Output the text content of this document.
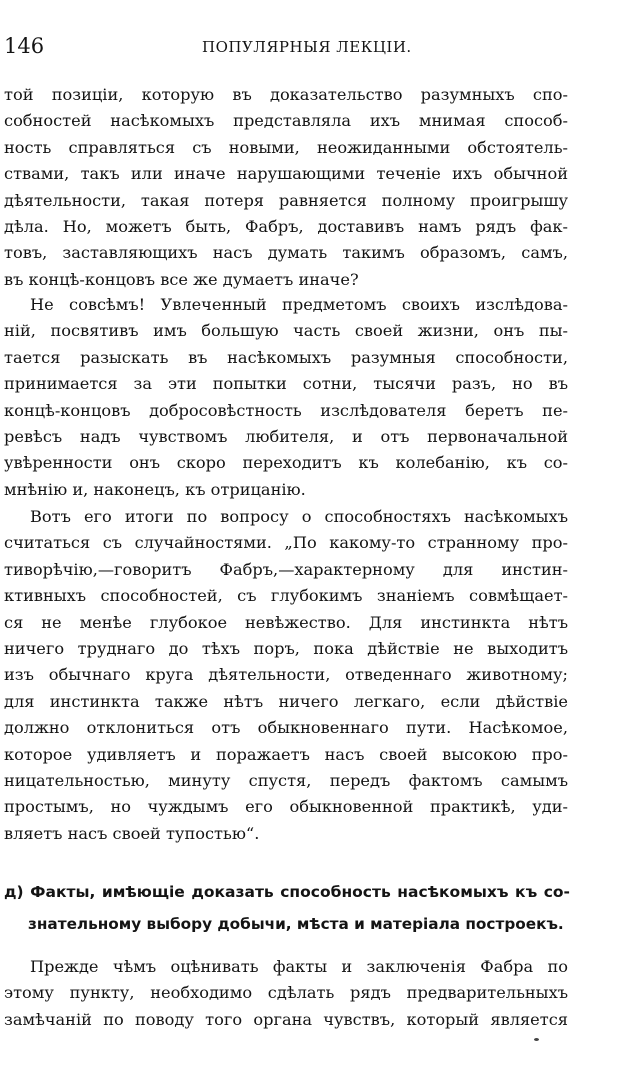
146	ПОПУЛЯРНЫЯ ЛЕКЦІИ.
той позиціи, которую въ доказательство разумныхъ спо-
собностей насѣкомыхъ представляла ихъ мнимая способ-
ность справляться съ новыми, неожиданными обстоятель-
ствами, такъ или иначе нарушающими теченіе ихъ обычной
дѣятельности, такая потеря равняется полному проигрышу
дѣла. Но, можетъ быть, Фабръ, доставивъ намъ рядъ фак-
товъ, заставляющихъ насъ думать такимъ образомъ, самъ,
въ концѣ-концовъ все же думаетъ иначе?
Не совсѣмъ! Увлеченный предметомъ своихъ изслѣдова-
ній, посвятивъ имъ большую часть своей жизни, онъ пы-
тается разыскать въ насѣкомыхъ разумныя способности,
принимается за эти попытки сотни, тысячи разъ, но въ
концѣ-концовъ добросовѣстность изслѣдователя беретъ пе-
ревѣсъ надъ чувствомъ любителя, и отъ первоначальной
увѣренности онъ скоро переходитъ къ колебанію, къ со-
мнѣнію и, наконецъ, къ отрицанію.
Вотъ его итоги по вопросу о способностяхъ насѣкомыхъ
считаться съ случайностями. „По какому-то странному про-
тиворѣчію,—говоритъ Фабръ,—характерному для инстин-
ктивныхъ способностей, съ глубокимъ знаніемъ совмѣщает-
ся не менѣе глубокое невѣжество. Для инстинкта нѣтъ
ничего труднаго до тѣхъ поръ, пока дѣйствіе не выходитъ
изъ обычнаго круга дѣятельности, отведеннаго животному;
для инстинкта также нѣтъ ничего легкаго, если дѣйствіе
должно отклониться отъ обыкновеннаго пути. Насѣкомое,
которое удивляетъ и поражаетъ насъ своей высокою про-
ницательностью, минуту спустя, передъ фактомъ самымъ
простымъ, но чуждымъ его обыкновенной практикѣ, уди-
вляетъ насъ своей тупостью“.
д) Факты, имѣющіе доказать способность насѣкомыхъ къ со-
знательному выбору добычи, мѣста и матеріала построекъ.
Прежде чѣмъ оцѣнивать факты и заключенія Фабра по
этому пункту, необходимо сдѣлать рядъ предварительныхъ
замѣчаній по поводу того органа чувствъ, который является
